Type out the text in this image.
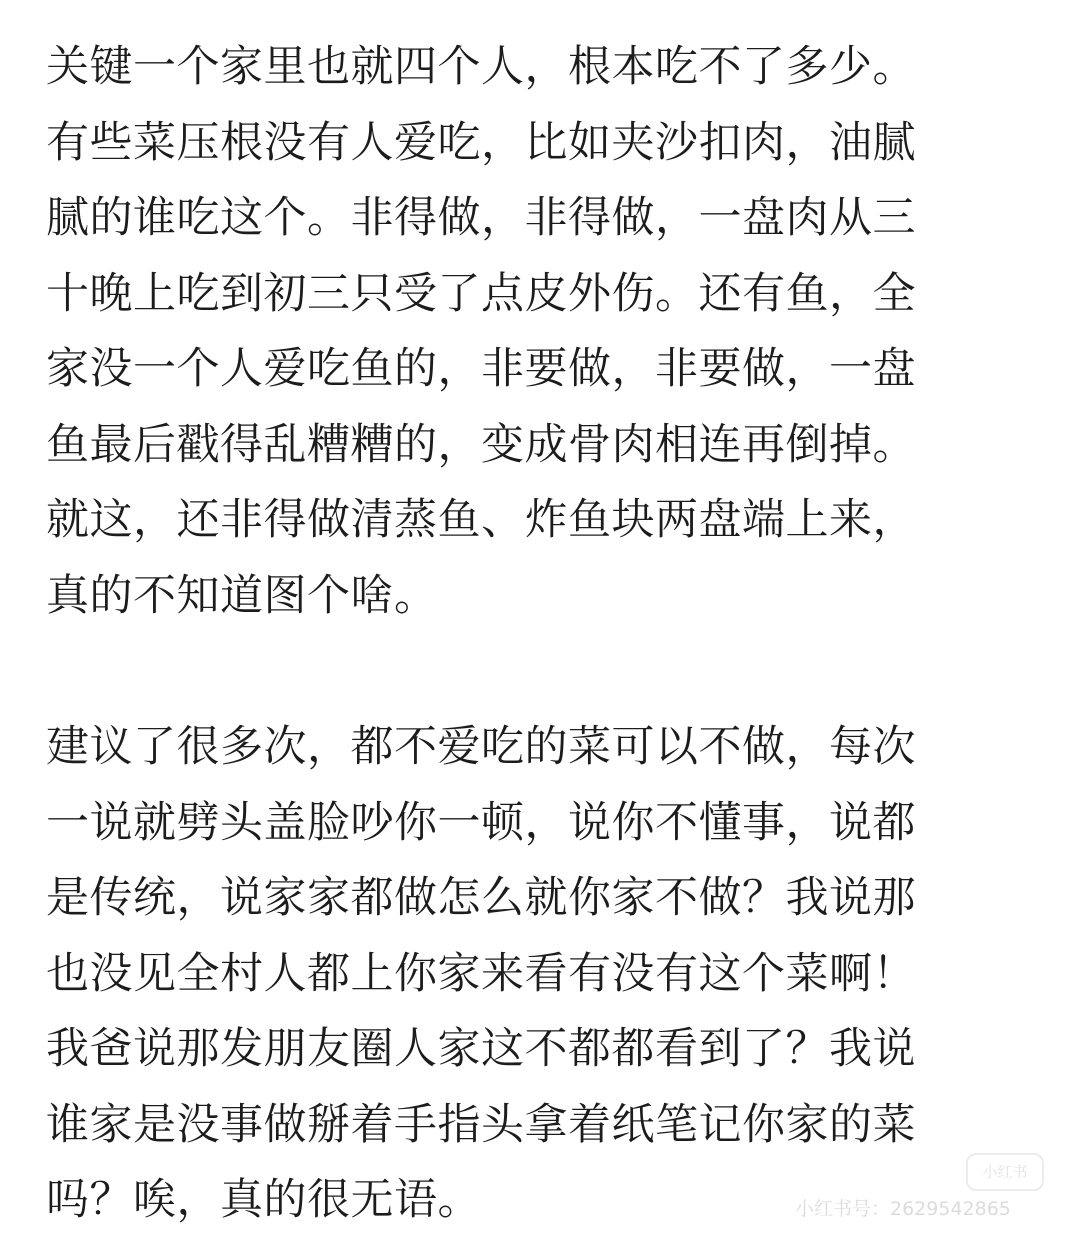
关键一个家里也就四个人，根本吃不了多少。
有些菜压根没有人爱吃，比如夹沙扣肉，油腻
腻的谁吃这个。非得做，非得做，一盘肉从三
十晚上吃到初三只受了点皮外伤。还有鱼，全
家没一个人爱吃鱼的，非要做，非要做，一盘
鱼最后戳得乱糟糟的，变成骨肉相连再倒掉。
就这，还非得做清蒸鱼、炸鱼块两盘端上来，
真的不知道图个啥。
建议了很多次，都不爱吃的菜可以不做，每次
一说就劈头盖脸吵你一顿，说你不懂事，说都
是传统，说家家都做怎么就你家不做？我说那
也没见全村人都上你家来看有没有这个菜啊！
我爸说那发朋友圈人家这不都都看到了？我说
谁家是没事做掰着手指头拿着纸笔记你家的菜
吗？唉，真的很无语。
小红书
小红书号：2629542865
